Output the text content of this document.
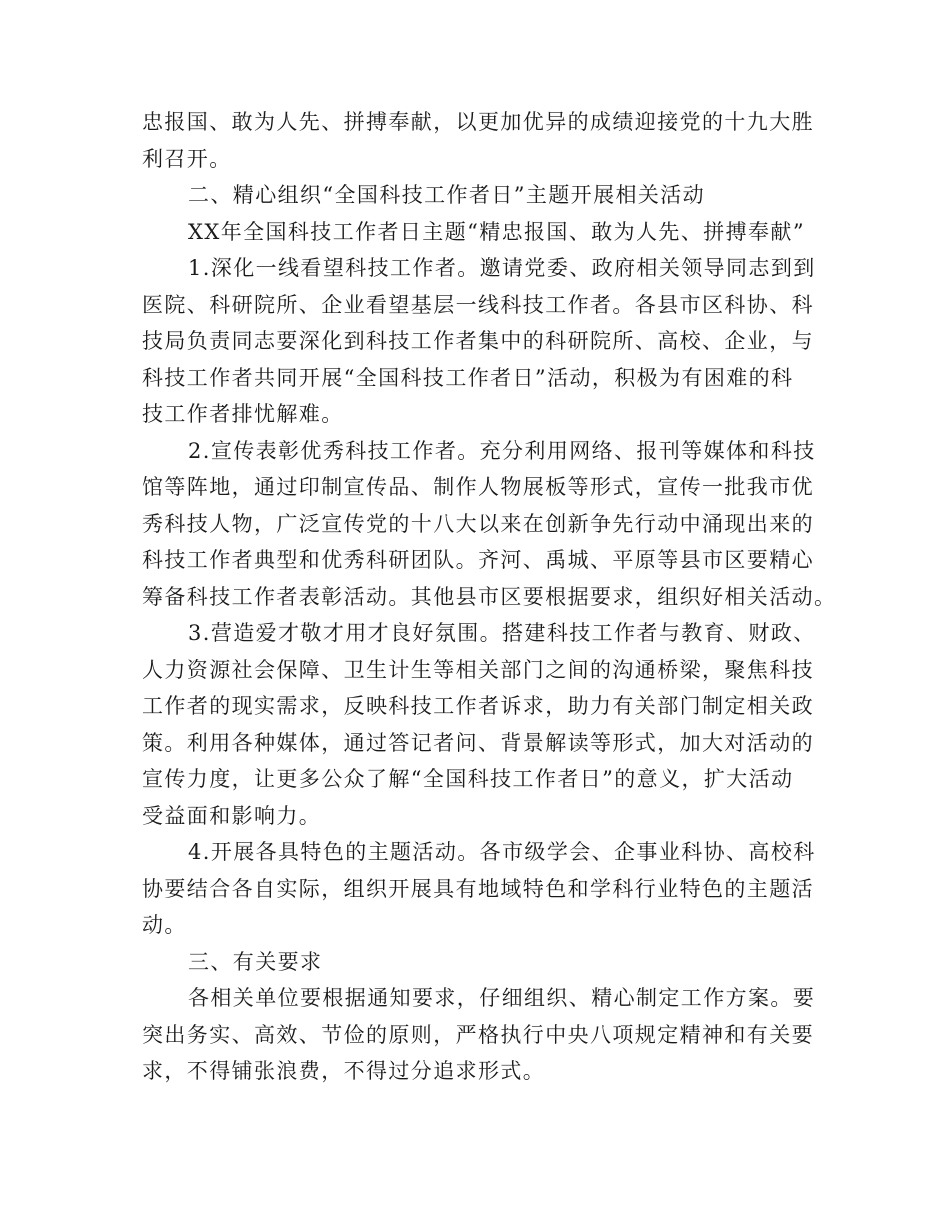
忠报国、敢为人先、拼搏奉献，以更加优异的成绩迎接党的十九大胜
利召开。
二、精心组织“全国科技工作者日”主题开展相关活动
XX年全国科技工作者日主题“精忠报国、敢为人先、拼搏奉献”
1.深化一线看望科技工作者。邀请党委、政府相关领导同志到到
医院、科研院所、企业看望基层一线科技工作者。各县市区科协、科
技局负责同志要深化到科技工作者集中的科研院所、高校、企业，与
科技工作者共同开展“全国科技工作者日”活动，积极为有困难的科
技工作者排忧解难。
2.宣传表彰优秀科技工作者。充分利用网络、报刊等媒体和科技
馆等阵地，通过印制宣传品、制作人物展板等形式，宣传一批我市优
秀科技人物，广泛宣传党的十八大以来在创新争先行动中涌现出来的
科技工作者典型和优秀科研团队。齐河、禹城、平原等县市区要精心
筹备科技工作者表彰活动。其他县市区要根据要求，组织好相关活动。
3.营造爱才敬才用才良好氛围。搭建科技工作者与教育、财政、
人力资源社会保障、卫生计生等相关部门之间的沟通桥梁，聚焦科技
工作者的现实需求，反映科技工作者诉求，助力有关部门制定相关政
策。利用各种媒体，通过答记者问、背景解读等形式，加大对活动的
宣传力度，让更多公众了解“全国科技工作者日”的意义，扩大活动
受益面和影响力。
4.开展各具特色的主题活动。各市级学会、企事业科协、高校科
协要结合各自实际，组织开展具有地域特色和学科行业特色的主题活
动。
三、有关要求
各相关单位要根据通知要求，仔细组织、精心制定工作方案。要
突出务实、高效、节俭的原则，严格执行中央八项规定精神和有关要
求，不得铺张浪费，不得过分追求形式。
